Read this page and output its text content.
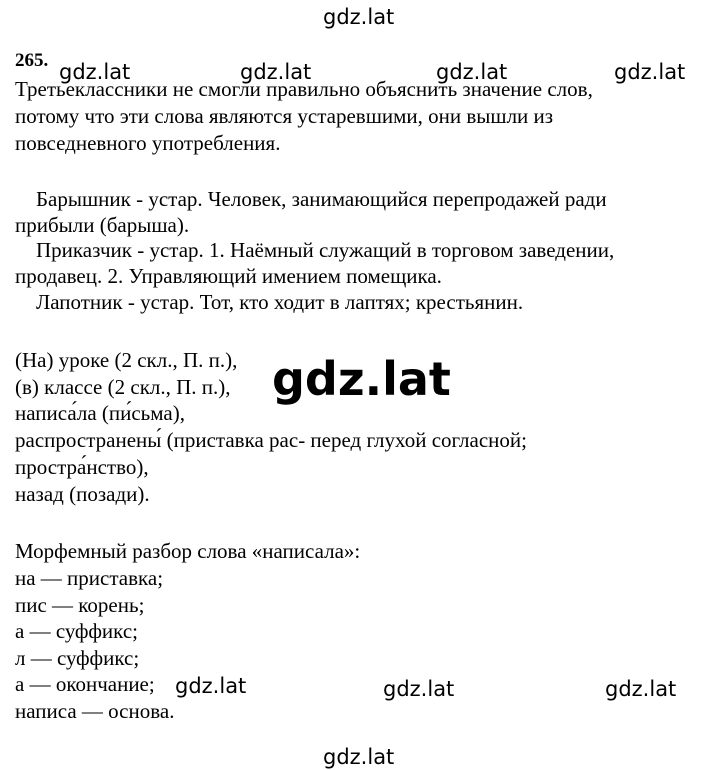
gdz.lat
gdz.lat	gdz.lat	gdz.lat	gdz.lat
gdz.lat
gdz.lat	gdz.lat	gdz.lat
gdz.lat
265.
Третьеклассники не смогли правильно объяснить значение слов,
потому что эти слова являются устаревшими, они вышли из
повседневного употребления.
Барышник - устар. Человек, занимающийся перепродажей ради
прибыли (барыша).
Приказчик - устар. 1. Наёмный служащий в торговом заведении,
продавец. 2. Управляющий имением помещика.
Лапотник - устар. Тот, кто ходит в лаптях; крестьянин.
(На) уроке (2 скл., П. п.),
(в) классе (2 скл., П. п.),
написа́ла (пи́сьма),
распространены́ (приставка рас- перед глухой согласной;
простра́нство),
назад (позади).
Морфемный разбор слова «написала»:
на — приставка;
пис — корень;
а — суффикс;
л — суффикс;
а — окончание;
написа — основа.
